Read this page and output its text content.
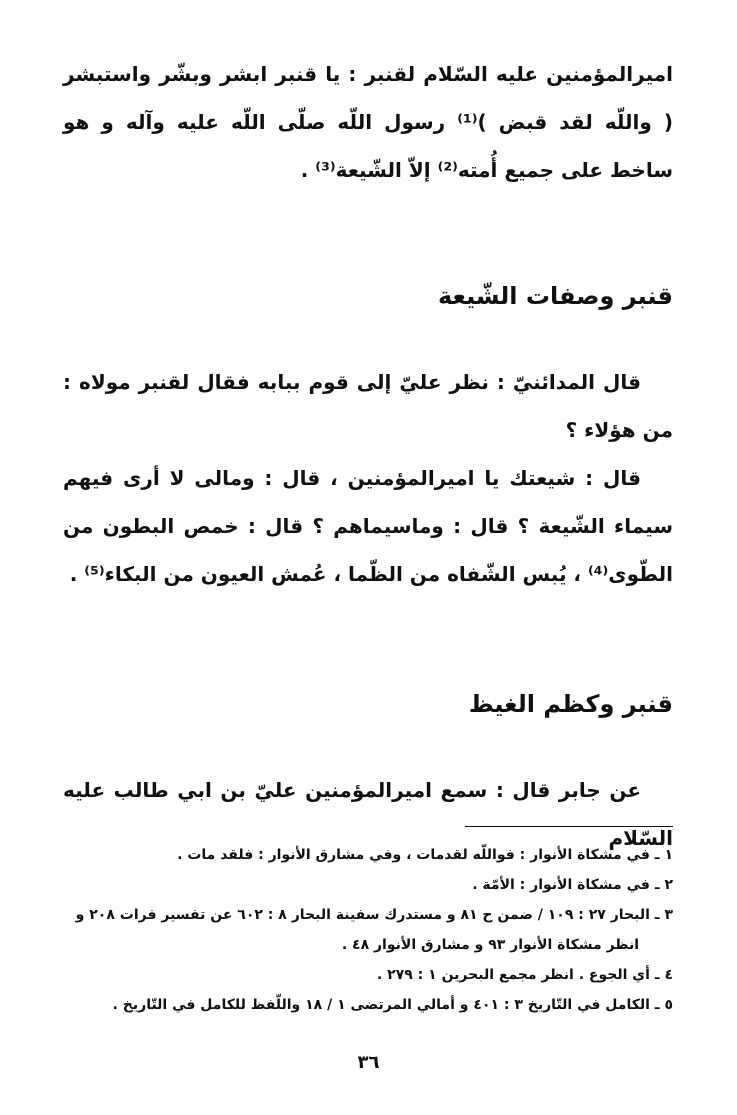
اميرالمؤمنين عليه السّلام لقنبر : يا قنبر ابشر وبشّر واستبشر ( واللّه لقد قبض )⁽¹⁾ رسول اللّه صلّى اللّه عليه وآله و هو ساخط على جميع أُمته⁽²⁾ إلاّ الشّيعة⁽³⁾ .

قنبر وصفات الشّيعة

قال المدائنيّ : نظر عليّ إلى قوم ببابه فقال لقنبر مولاه : من هؤلاء ؟

قال : شيعتك يا اميرالمؤمنين ، قال : ومالى لا أرى فيهم سيماء الشّيعة ؟ قال : وماسيماهم ؟ قال : خمص البطون من الطّوى⁽⁴⁾ ، يُبس الشّفاه من الظّما ، عُمش العيون من البكاء⁽⁵⁾ .

قنبر وكظم الغيظ

عن جابر قال : سمع اميرالمؤمنين عليّ بن ابي طالب عليه السّلام

١ ـ في مشكاة الأنوار : فواللّه لقدمات ، وفي مشارق الأنوار : فلقد مات .
٢ ـ في مشكاة الأنوار : الأمّة .
٣ ـ البحار ٢٧ : ١٠٩ / ضمن ح ٨١ و مستدرك سفينة البحار ٨ : ٦٠٢ عن تفسير فرات ٢٠٨ و انظر مشكاة الأنوار ٩٣ و مشارق الأنوار ٤٨ .
٤ ـ أي الجوع . انظر مجمع البحرين ١ : ٢٧٩ .
٥ ـ الكامل في التّاريخ ٣ : ٤٠١ و أمالي المرتضى ١ / ١٨ واللّفظ للكامل في التّاريخ .

٣٦
